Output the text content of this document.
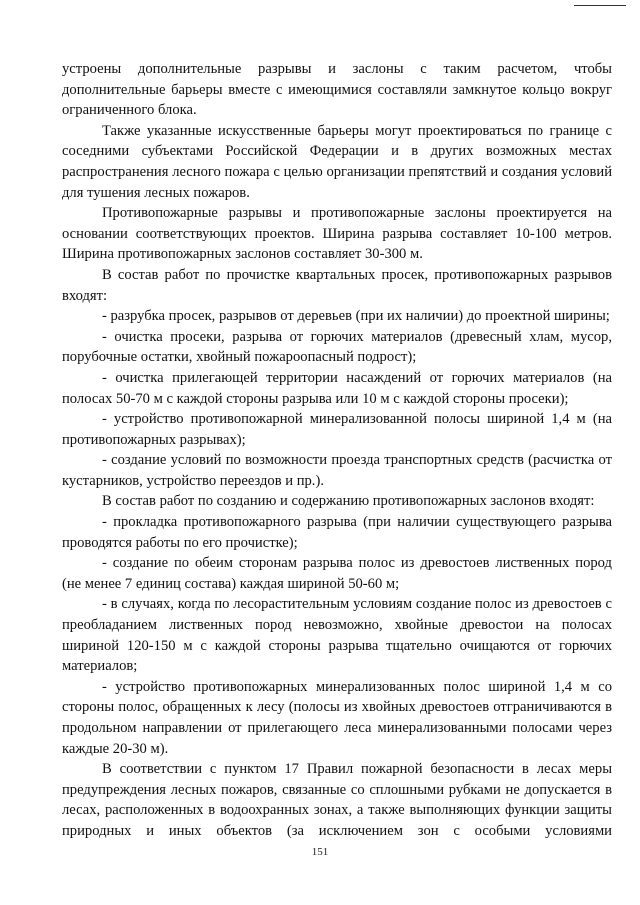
устроены дополнительные разрывы и заслоны с таким расчетом, чтобы дополнительные барьеры вместе с имеющимися составляли замкнутое кольцо вокруг ограниченного блока.

Также указанные искусственные барьеры могут проектироваться по границе с соседними субъектами Российской Федерации и в других возможных местах распространения лесного пожара с целью организации препятствий и создания условий для тушения лесных пожаров.

Противопожарные разрывы и противопожарные заслоны проектируется на основании соответствующих проектов. Ширина разрыва составляет 10-100 метров. Ширина противопожарных заслонов составляет 30-300 м.

В состав работ по прочистке квартальных просек, противопожарных разрывов входят:

- разрубка просек, разрывов от деревьев (при их наличии) до проектной ширины;

- очистка просеки, разрыва от горючих материалов (древесный хлам, мусор, порубочные остатки, хвойный пожароопасный подрост);

- очистка прилегающей территории насаждений от горючих материалов (на полосах 50-70 м с каждой стороны разрыва или 10 м с каждой стороны просеки);

- устройство противопожарной минерализованной полосы шириной 1,4 м (на противопожарных разрывах);

- создание условий по возможности проезда транспортных средств (расчистка от кустарников, устройство переездов и пр.).

В состав работ по созданию и содержанию противопожарных заслонов входят:

- прокладка противопожарного разрыва (при наличии существующего разрыва проводятся работы по его прочистке);

- создание по обеим сторонам разрыва полос из древостоев лиственных пород (не менее 7 единиц состава) каждая шириной 50-60 м;

- в случаях, когда по лесорастительным условиям создание полос из древостоев с преобладанием лиственных пород невозможно, хвойные древостои на полосах шириной 120-150 м с каждой стороны разрыва тщательно очищаются от горючих материалов;

- устройство противопожарных минерализованных полос шириной 1,4 м со стороны полос, обращенных к лесу (полосы из хвойных древостоев отграничиваются в продольном направлении от прилегающего леса минерализованными полосами через каждые 20-30 м).

В соответствии с пунктом 17 Правил пожарной безопасности в лесах меры предупреждения лесных пожаров, связанные со сплошными рубками не допускается в лесах, расположенных в водоохранных зонах, а также выполняющих функции защиты природных и иных объектов (за исключением зон с особыми условиями

151
